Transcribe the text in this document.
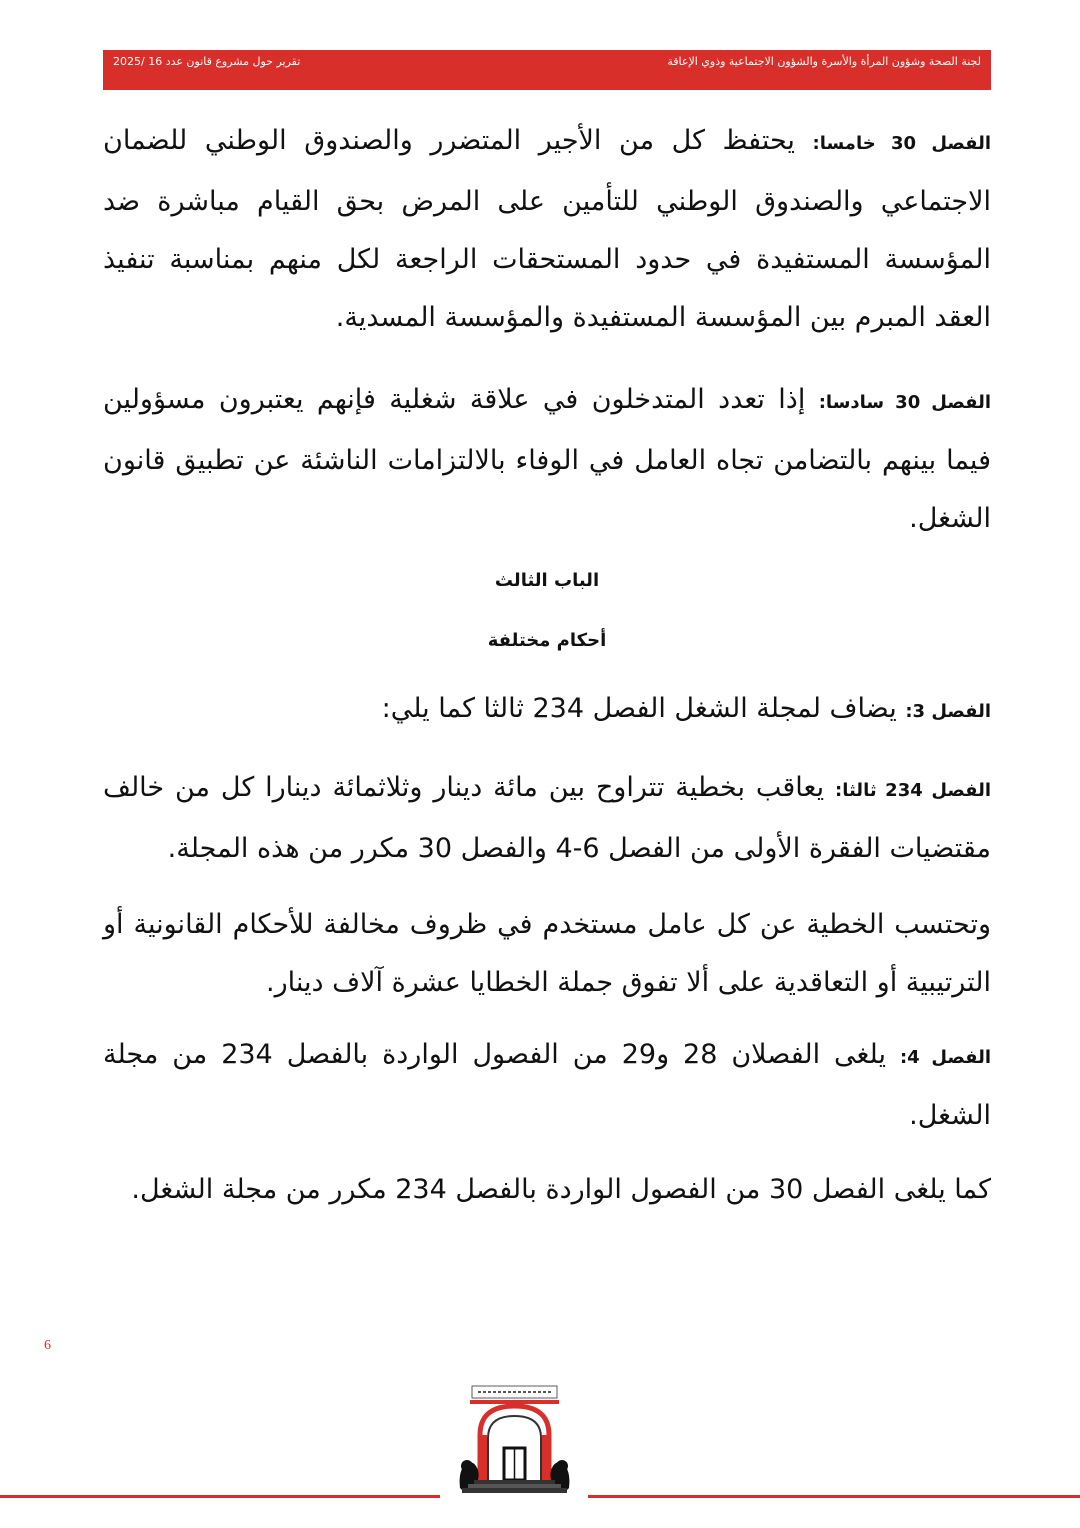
لجنة الصحة وشؤون المرأة والأسرة والشؤون الاجتماعية وذوي الإعاقة
تقرير حول مشروع قانون عدد 16 /2025

الفصل 30 خامسا: يحتفظ كل من الأجير المتضرر والصندوق الوطني للضمان الاجتماعي والصندوق الوطني للتأمين على المرض بحق القيام مباشرة ضد المؤسسة المستفيدة في حدود المستحقات الراجعة لكل منهم بمناسبة تنفيذ العقد المبرم بين المؤسسة المستفيدة والمؤسسة المسدية.

الفصل 30 سادسا: إذا تعدد المتدخلون في علاقة شغلية فإنهم يعتبرون مسؤولين فيما بينهم بالتضامن تجاه العامل في الوفاء بالالتزامات الناشئة عن تطبيق قانون الشغل.

الباب الثالث
أحكام مختلفة

الفصل 3: يضاف لمجلة الشغل الفصل 234 ثالثا كما يلي:

الفصل 234 ثالثا: يعاقب بخطية تتراوح بين مائة دينار وثلاثمائة دينارا كل من خالف مقتضيات الفقرة الأولى من الفصل 6-4 والفصل 30 مكرر من هذه المجلة.

وتحتسب الخطية عن كل عامل مستخدم في ظروف مخالفة للأحكام القانونية أو الترتيبية أو التعاقدية على ألا تفوق جملة الخطايا عشرة آلاف دينار.

الفصل 4: يلغى الفصلان 28 و29 من الفصول الواردة بالفصل 234 من مجلة الشغل.

كما يلغى الفصل 30 من الفصول الواردة بالفصل 234 مكرر من مجلة الشغل.

6
